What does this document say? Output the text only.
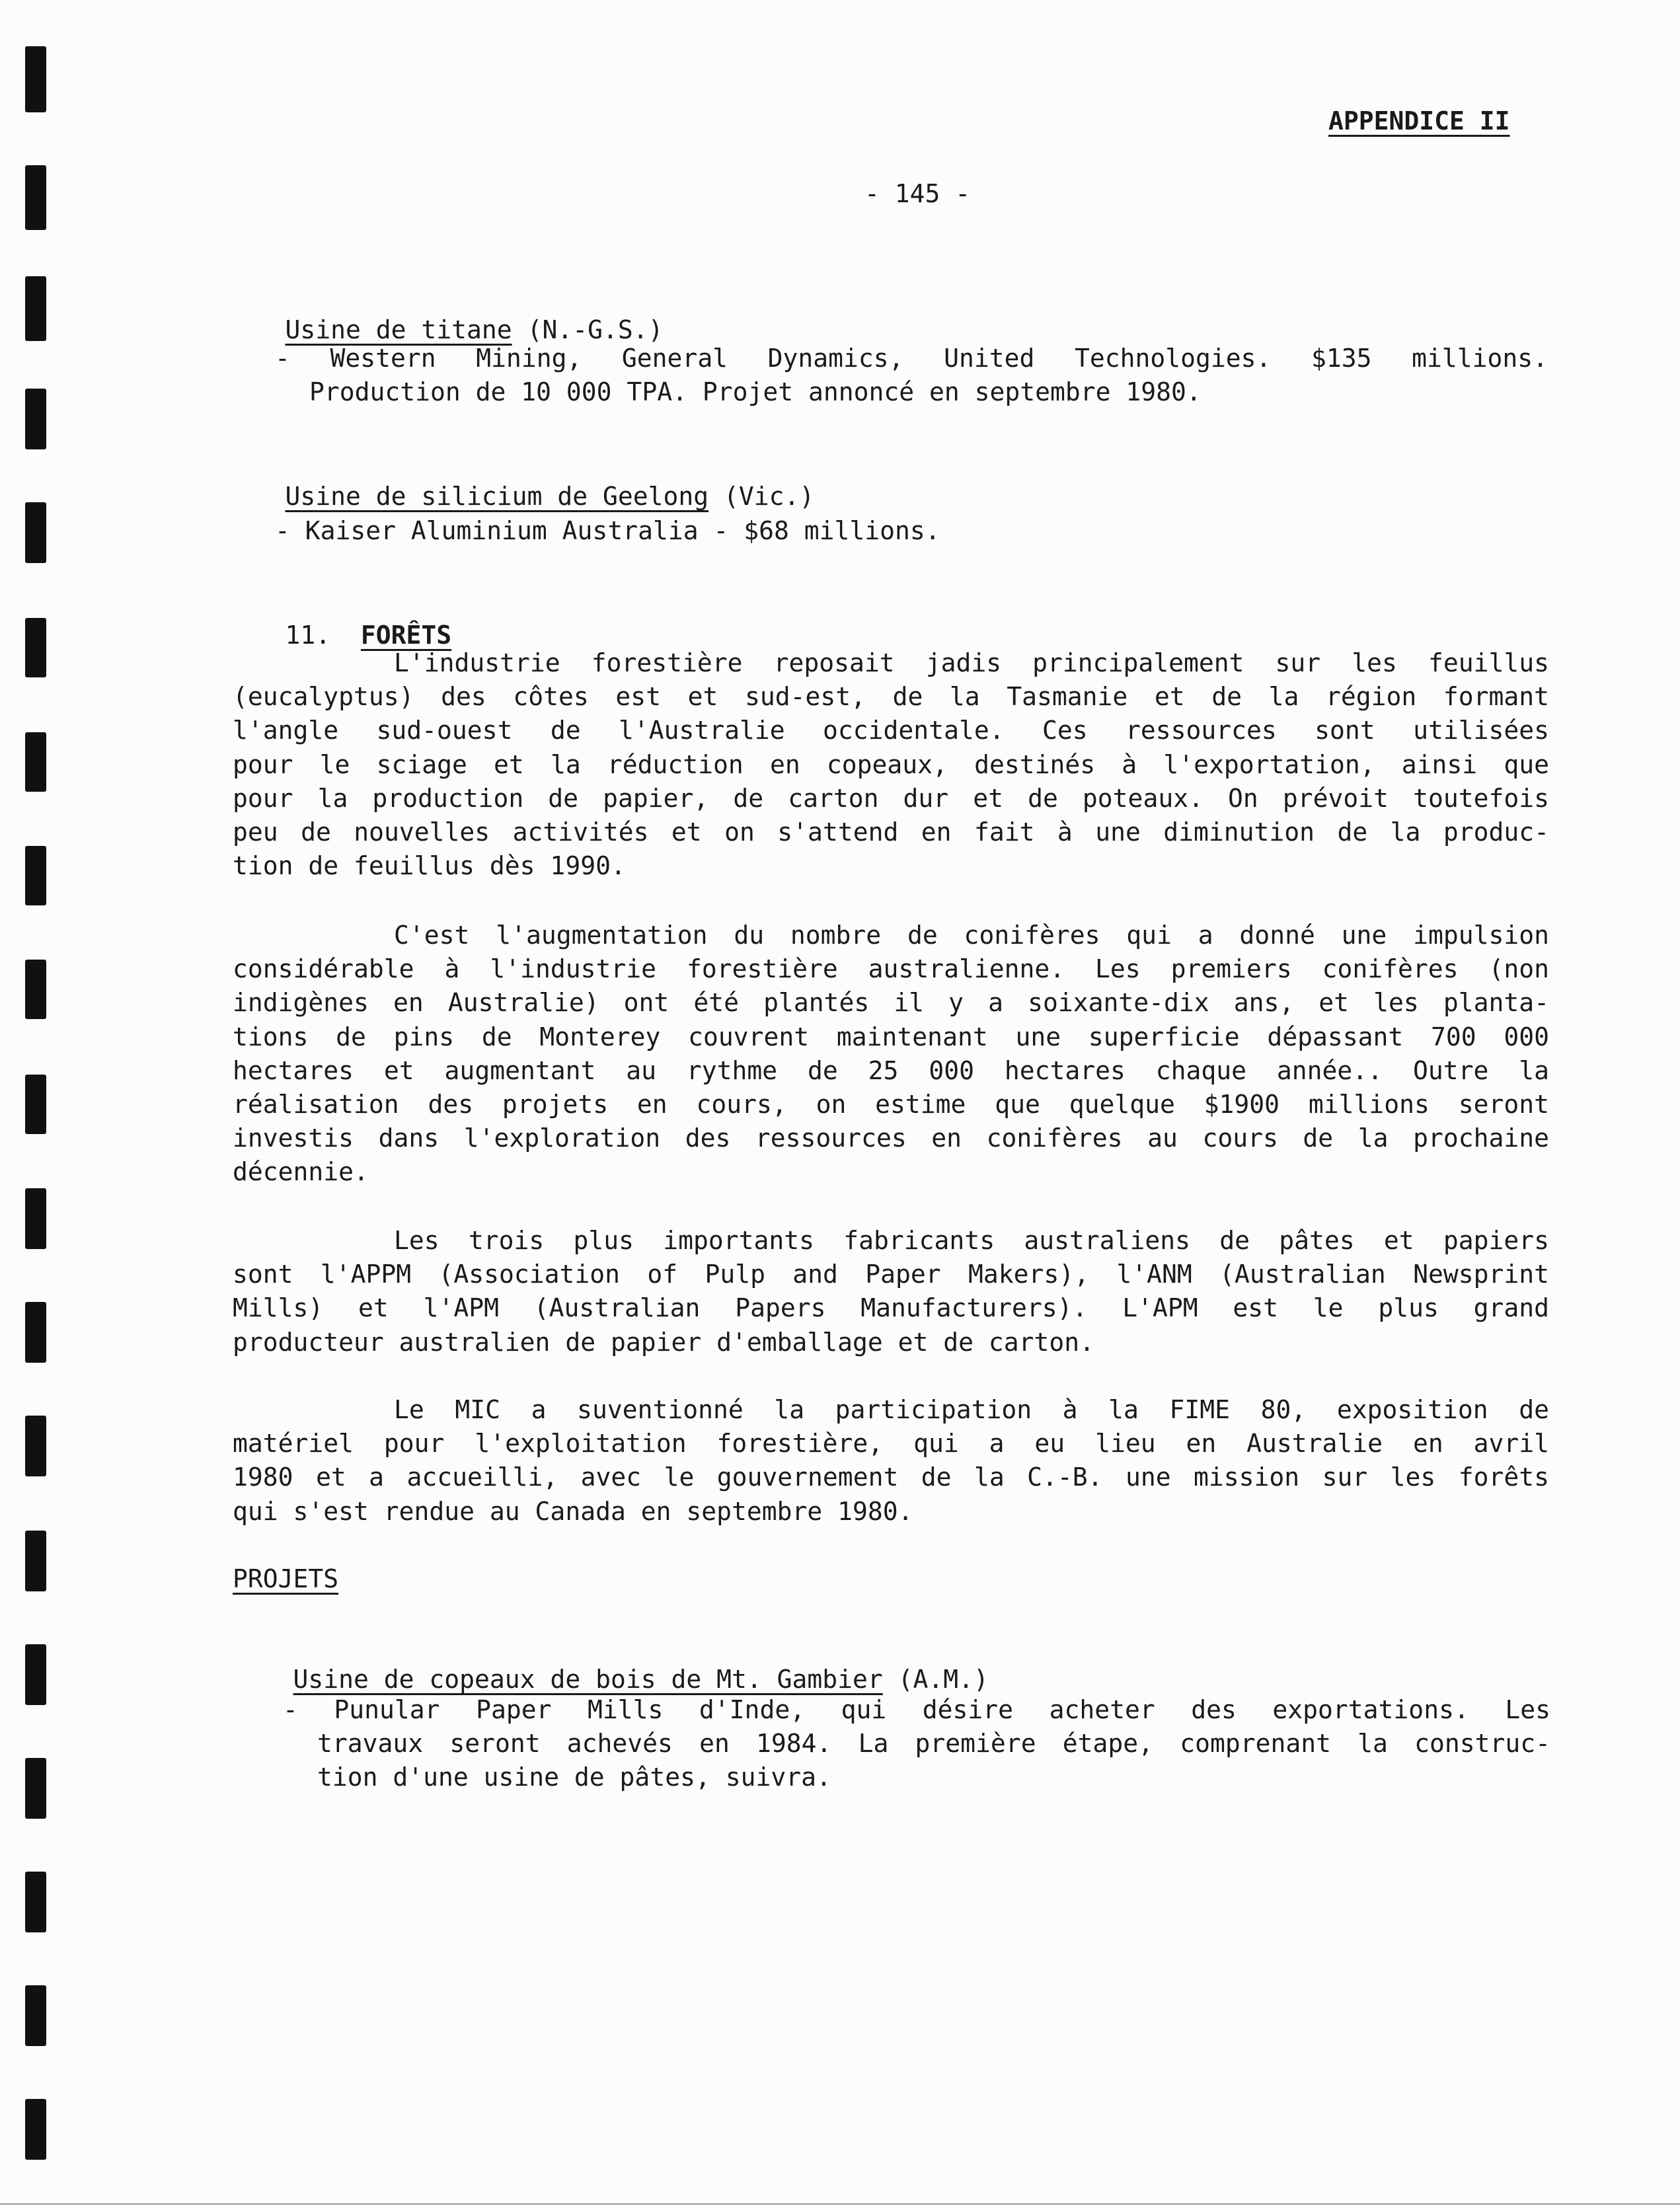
APPENDICE II
- 145 -

Usine de titane (N.-G.S.)

- Western Mining, General Dynamics, United Technologies. $135 millions.
Production de 10 000 TPA. Projet annoncé en septembre 1980.

Usine de silicium de Geelong (Vic.)

- Kaiser Aluminium Australia - $68 millions.

11. FORÊTS

L'industrie forestière reposait jadis principalement sur les feuillus
(eucalyptus) des côtes est et sud-est, de la Tasmanie et de la région formant
l'angle sud-ouest de l'Australie occidentale. Ces ressources sont utilisées
pour le sciage et la réduction en copeaux, destinés à l'exportation, ainsi que
pour la production de papier, de carton dur et de poteaux. On prévoit toutefois
peu de nouvelles activités et on s'attend en fait à une diminution de la produc-
tion de feuillus dès 1990.
C'est l'augmentation du nombre de conifères qui a donné une impulsion
considérable à l'industrie forestière australienne. Les premiers conifères (non
indigènes en Australie) ont été plantés il y a soixante-dix ans, et les planta-
tions de pins de Monterey couvrent maintenant une superficie dépassant 700 000
hectares et augmentant au rythme de 25 000 hectares chaque année.. Outre la
réalisation des projets en cours, on estime que quelque $1900 millions seront
investis dans l'exploration des ressources en conifères au cours de la prochaine
décennie.
Les trois plus importants fabricants australiens de pâtes et papiers
sont l'APPM (Association of Pulp and Paper Makers), l'ANM (Australian Newsprint
Mills) et l'APM (Australian Papers Manufacturers). L'APM est le plus grand
producteur australien de papier d'emballage et de carton.
Le MIC a suventionné la participation à la FIME 80, exposition de
matériel pour l'exploitation forestière, qui a eu lieu en Australie en avril
1980 et a accueilli, avec le gouvernement de la C.-B. une mission sur les forêts
qui s'est rendue au Canada en septembre 1980.
PROJETS

Usine de copeaux de bois de Mt. Gambier (A.M.)

- Punular Paper Mills d'Inde, qui désire acheter des exportations. Les
travaux seront achevés en 1984. La première étape, comprenant la construc-
tion d'une usine de pâtes, suivra.
